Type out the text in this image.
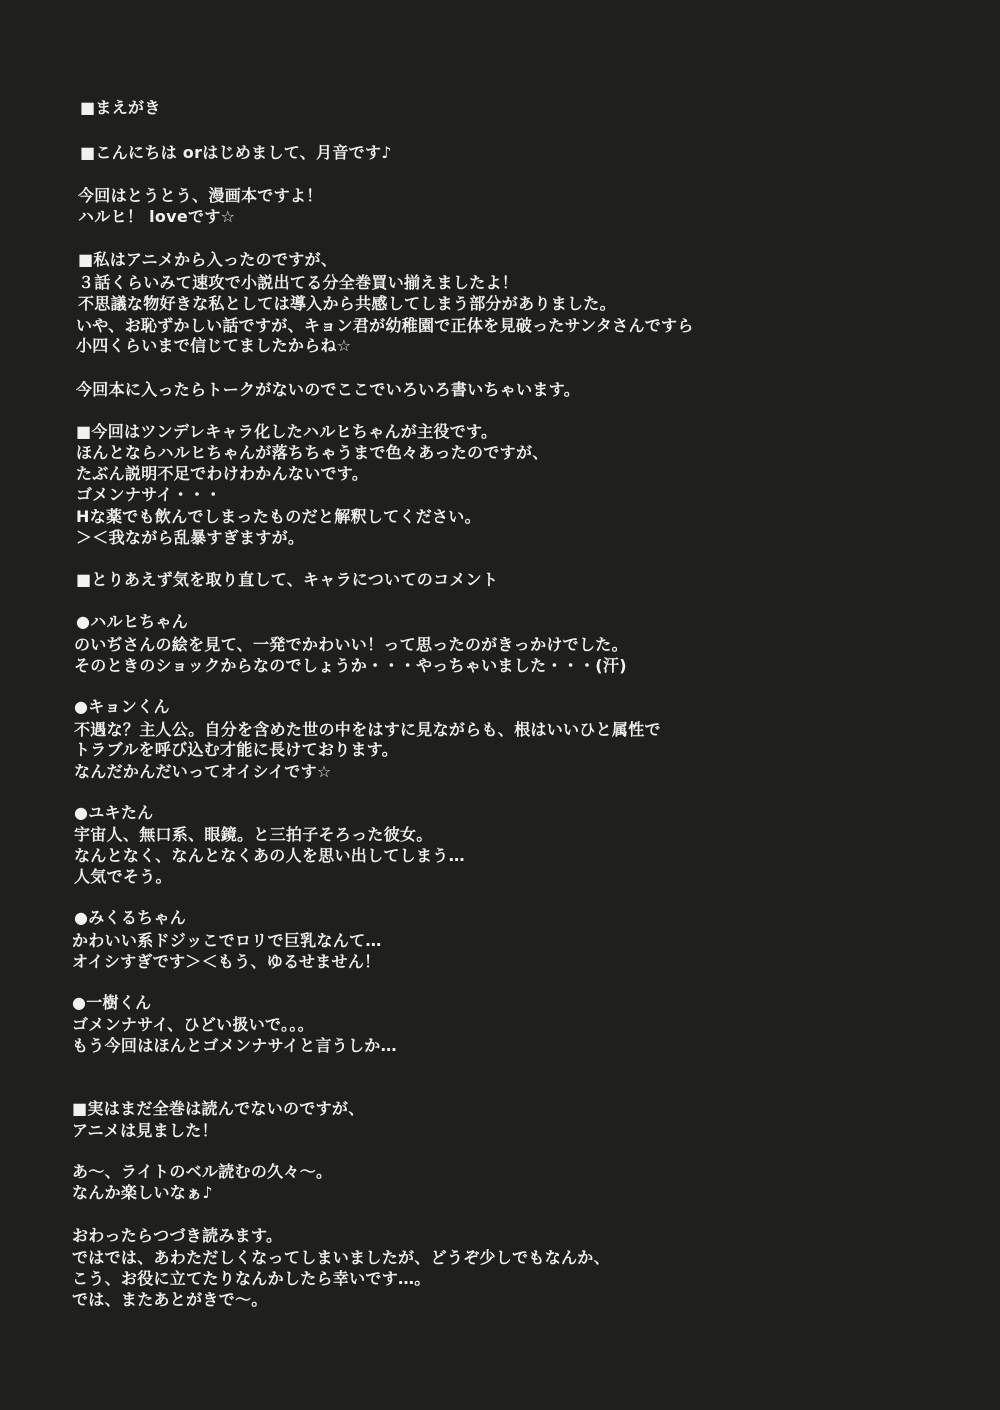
■まえがき
■こんにちは orはじめまして、月音です♪
今回はとうとう、漫画本ですよ！
ハルヒ！ loveです☆
■私はアニメから入ったのですが、
３話くらいみて速攻で小説出てる分全巻買い揃えましたよ！
不思議な物好きな私としては導入から共感してしまう部分がありました。
いや、お恥ずかしい話ですが、キョン君が幼稚園で正体を見破ったサンタさんですら
小四くらいまで信じてましたからね☆
今回本に入ったらトークがないのでここでいろいろ書いちゃいます。
■今回はツンデレキャラ化したハルヒちゃんが主役です。
ほんとならハルヒちゃんが落ちちゃうまで色々あったのですが、
たぶん説明不足でわけわかんないです。
ゴメンナサイ・・・
Hな薬でも飲んでしまったものだと解釈してください。
＞＜我ながら乱暴すぎますが。
■とりあえず気を取り直して、キャラについてのコメント
●ハルヒちゃん
のいぢさんの絵を見て、一発でかわいい！って思ったのがきっかけでした。
そのときのショックからなのでしょうか・・・やっちゃいました・・・(汗)
●キョンくん
不遇な？主人公。自分を含めた世の中をはすに見ながらも、根はいいひと属性で
トラブルを呼び込む才能に長けております。
なんだかんだいってオイシイです☆
●ユキたん
宇宙人、無口系、眼鏡。と三拍子そろった彼女。
なんとなく、なんとなくあの人を思い出してしまう…
人気でそう。
●みくるちゃん
かわいい系ドジッこでロリで巨乳なんて…
オイシすぎです＞＜もう、ゆるせません！
●一樹くん
ゴメンナサイ、ひどい扱いで。。。
もう今回はほんとゴメンナサイと言うしか…
■実はまだ全巻は読んでないのですが、
アニメは見ました！
あ～、ライトのベル読むの久々～。
なんか楽しいなぁ♪
おわったらつづき読みます。
ではでは、あわただしくなってしまいましたが、どうぞ少しでもなんか、
こう、お役に立てたりなんかしたら幸いです…。
では、またあとがきで～。
